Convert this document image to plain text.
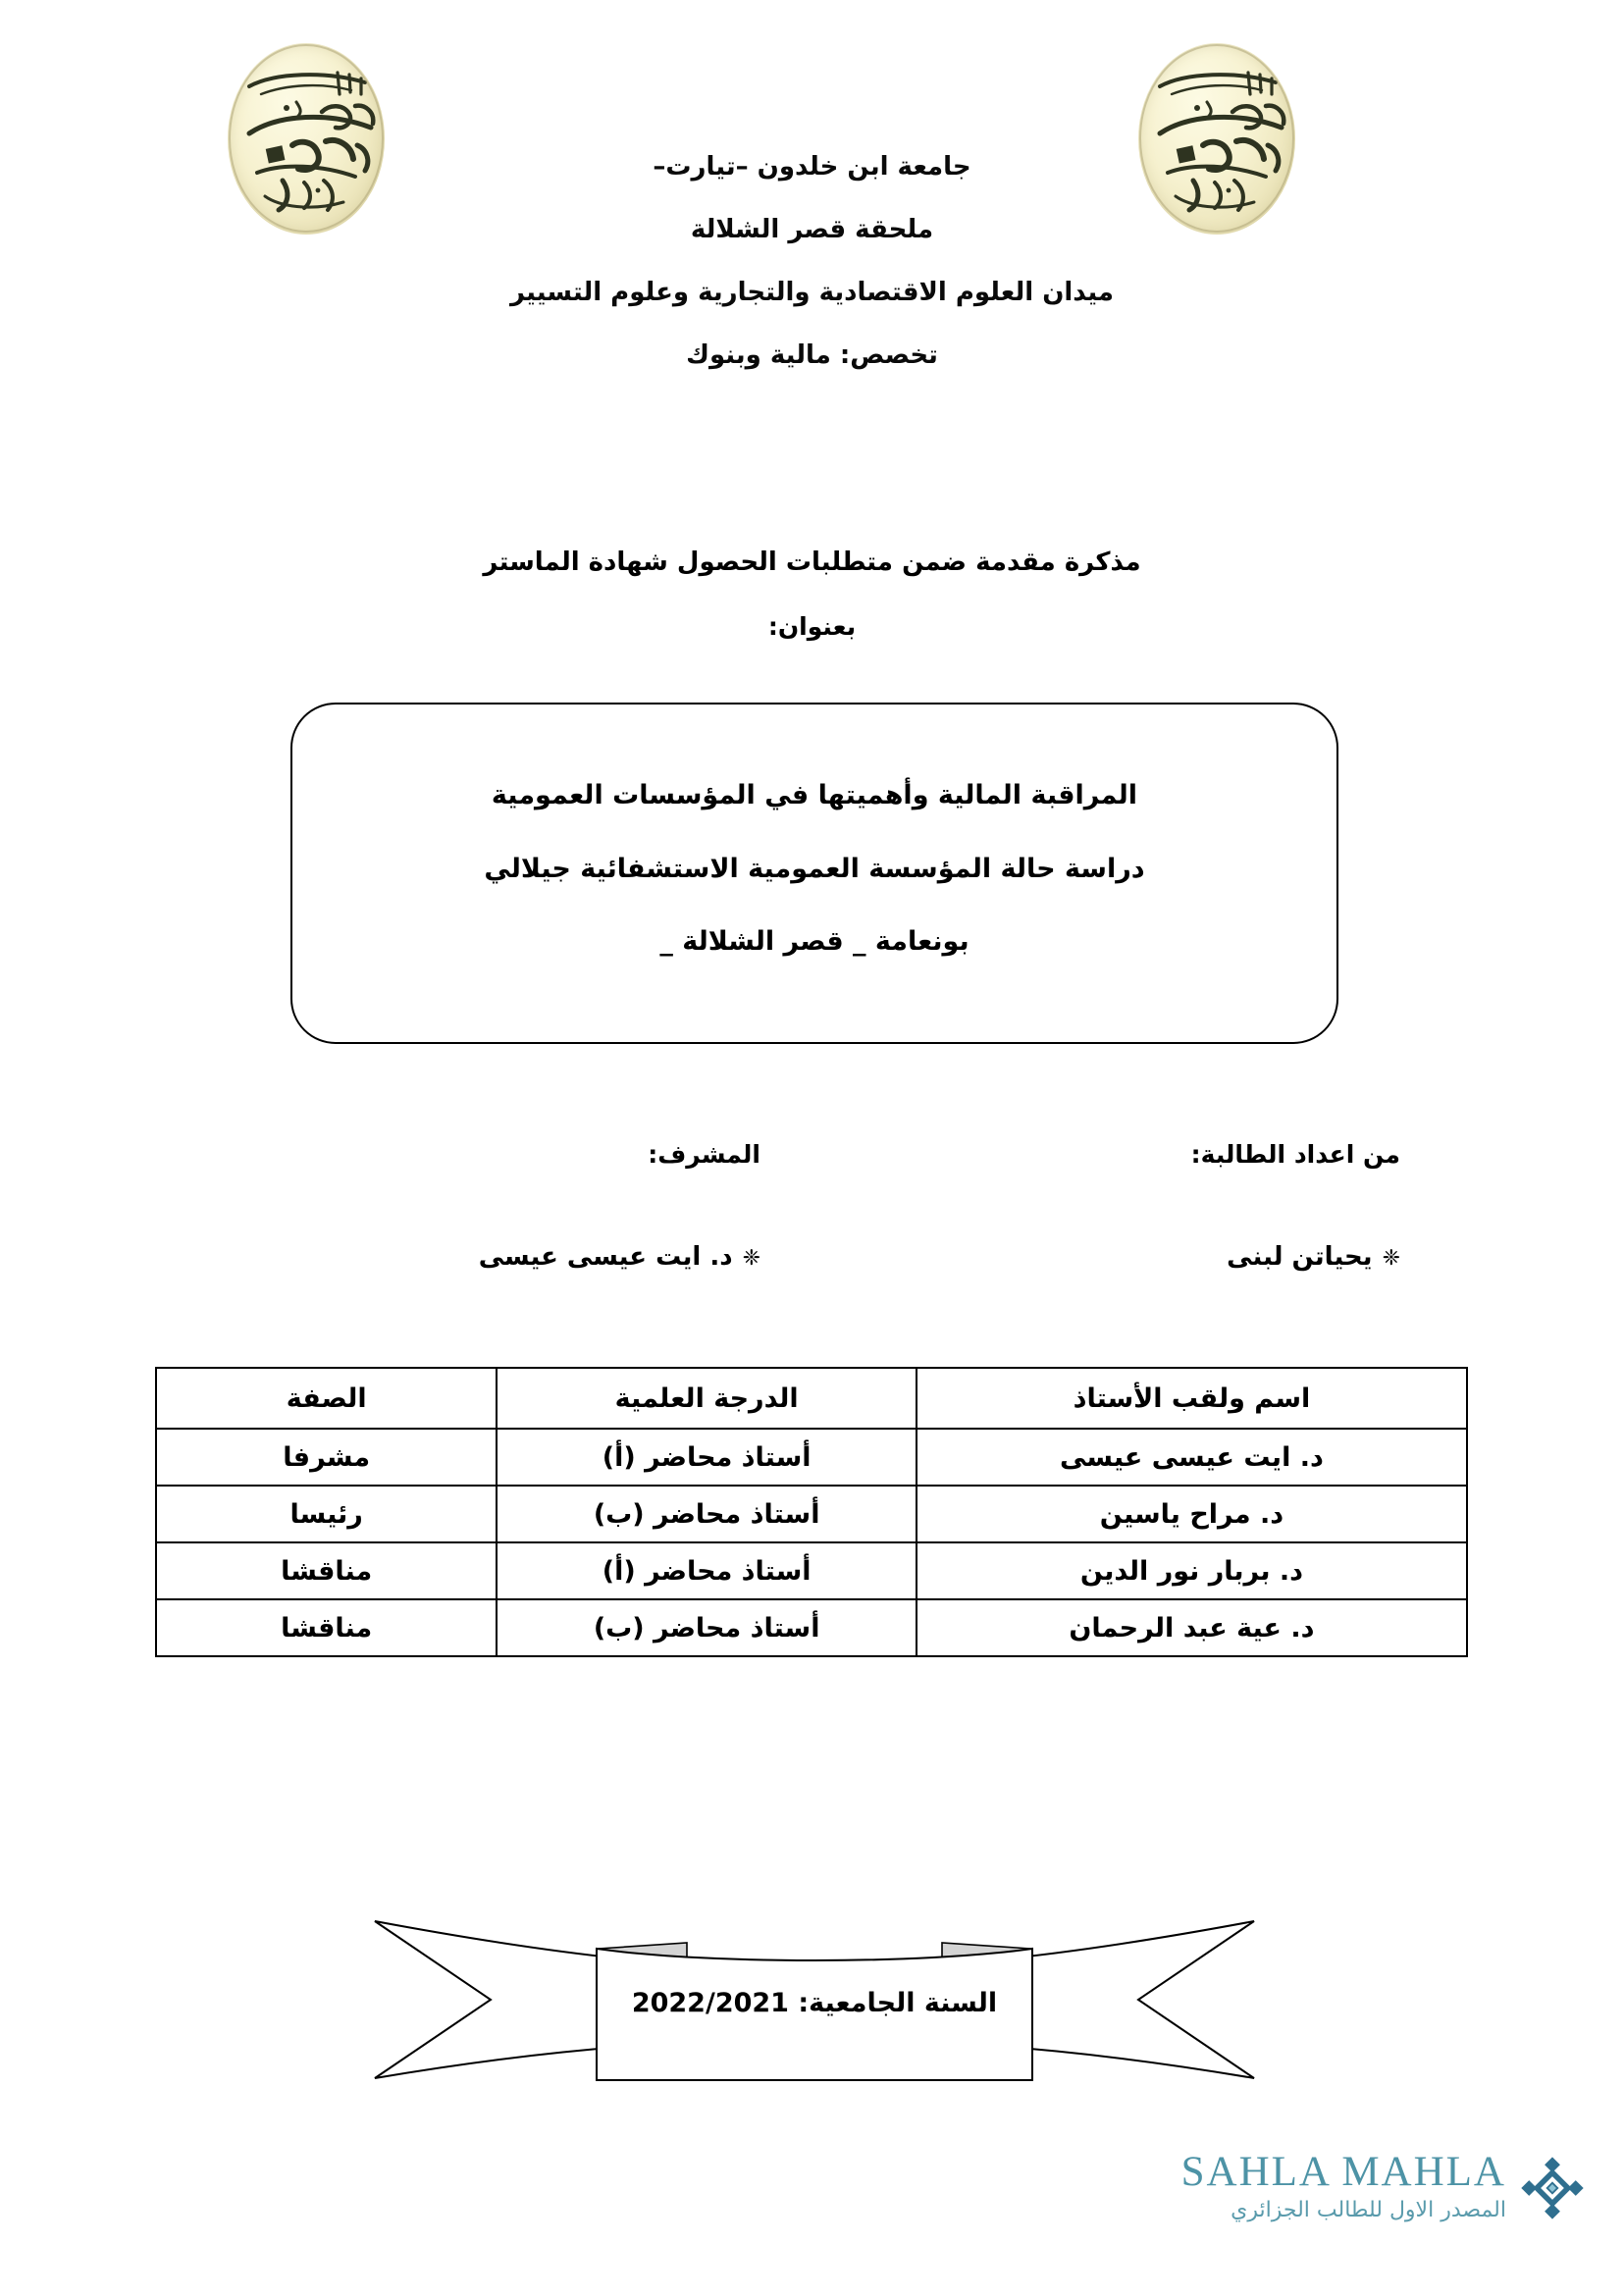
جامعة ابن خلدون –تيارت–
ملحقة قصر الشلالة
ميدان العلوم الاقتصادية والتجارية وعلوم التسيير
تخصص: مالية وبنوك
مذكرة مقدمة ضمن متطلبات الحصول شهادة الماستر
بعنوان:
المراقبة المالية وأهميتها في المؤسسات العمومية
دراسة حالة المؤسسة العمومية الاستشفائية جيلالي
بونعامة _ قصر الشلالة _
من اعداد الطالبة:
❈يحياتن لبنى
المشرف:
❈د. ايت عيسى عيسى
اسم ولقب الأستاذ	الدرجة العلمية	الصفة
د. ايت عيسى عيسى	أستاذ محاضر (أ)	مشرفا
د. مراح ياسين	أستاذ محاضر (ب)	رئيسا
د. بربار نور الدين	أستاذ محاضر (أ)	مناقشا
د. عية عبد الرحمان	أستاذ محاضر (ب)	مناقشا
السنة الجامعية: 2022/2021
SAHLA MAHLA
المصدر الاول للطالب الجزائري
